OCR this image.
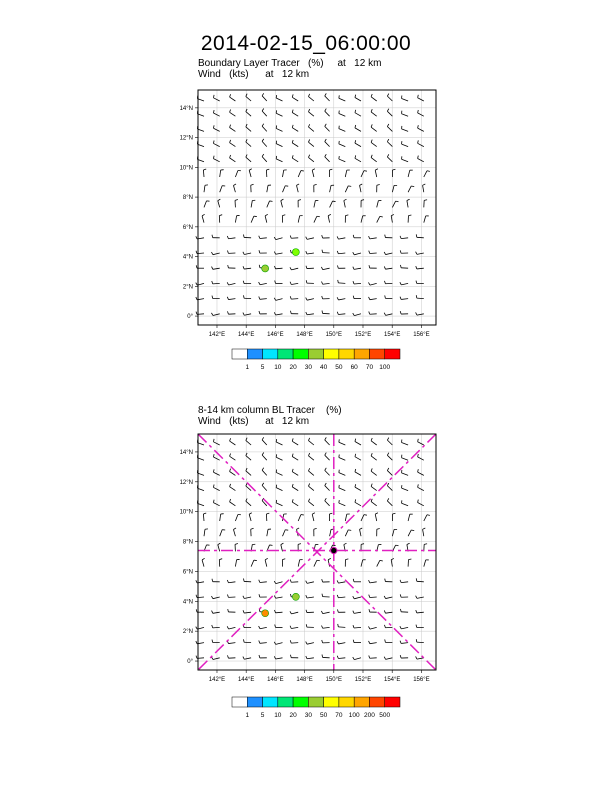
2014-02-15_06:00:00
Boundary Layer Tracer   (%)     at   12 km
Wind   (kts)      at   12 km
8-14 km column BL Tracer    (%)
Wind   (kts)      at   12 km
142°E 144°E 146°E 148°E 150°E 152°E 154°E 156°E
0°
2°N
4°N
6°N
8°N
10°N
12°N
14°N
1 5 10 20 30 40 50 60 70 100
142°E 144°E 146°E 148°E 150°E 152°E 154°E 156°E
0°
2°N
4°N
6°N
8°N
10°N
12°N
14°N
1 5 10 20 30 50 70 100 200 500
